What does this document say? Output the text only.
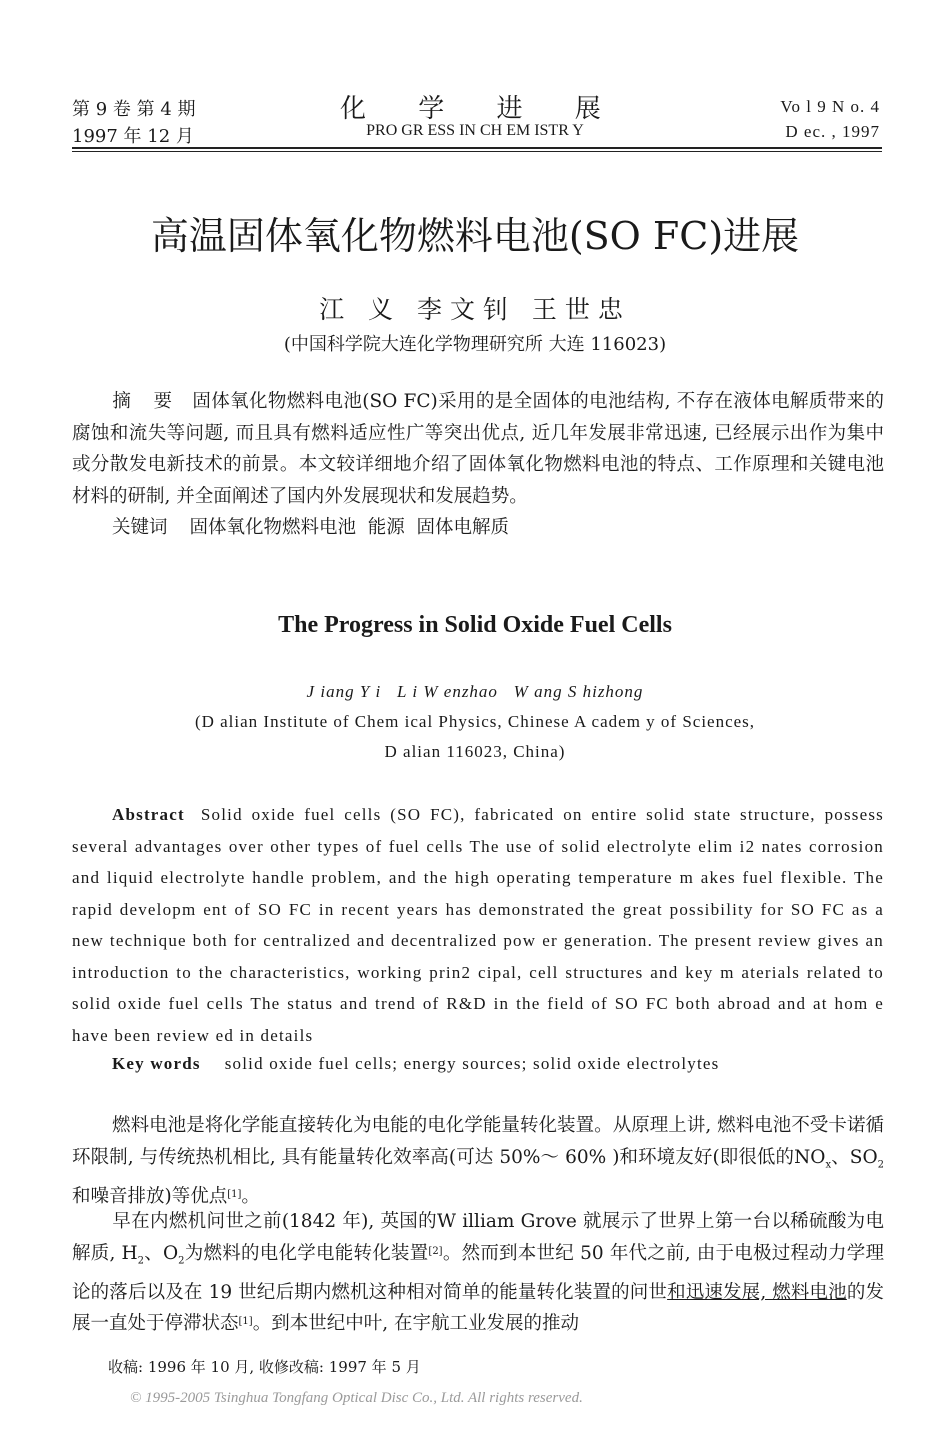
第 9 卷 第 4 期
1997 年 12 月
化 学 进 展
PRO GR ESS IN CH EM ISTR Y
Vo l 9 N o. 4
D ec. , 1997
高温固体氧化物燃料电池(SO FC)进展
江 义 李文钊 王世忠
(中国科学院大连化学物理研究所 大连 116023)
摘 要 固体氧化物燃料电池(SO FC)采用的是全固体的电池结构, 不存在液体电解质带来的腐蚀和流失等问题, 而且具有燃料适应性广等突出优点, 近几年发展非常迅速, 已经展示出作为集中或分散发电新技术的前景。本文较详细地介绍了固体氧化物燃料电池的特点、工作原理和关键电池材料的研制, 并全面阐述了国内外发展现状和发展趋势。
关键词 固体氧化物燃料电池  能源  固体电解质
The Progress in Solid Oxide Fuel Cells
J iang Y i   L i W enzhao   W ang S hizhong
(D alian Institute of Chem ical Physics, Chinese A cadem y of Sciences,
D alian 116023, China)
Abstract Solid oxide fuel cells (SO FC), fabricated on entire solid state structure, possess several advantages over other types of fuel cells The use of solid electrolyte elim i2 nates corrosion and liquid electrolyte handle problem, and the high operating temperature m akes fuel flexible. The rapid developm ent of SO FC in recent years has demonstrated the great possibility for SO FC as a new technique both for centralized and decentralized pow er generation. The present review gives an introduction to the characteristics, working prin2 cipal, cell structures and key m aterials related to solid oxide fuel cells The status and trend of R&D in the field of SO FC both abroad and at hom e have been review ed in details
Key words solid oxide fuel cells; energy sources; solid oxide electrolytes
燃料电池是将化学能直接转化为电能的电化学能量转化装置。从原理上讲, 燃料电池不受卡诺循环限制, 与传统热机相比, 具有能量转化效率高(可达 50%～ 60% )和环境友好(即很低的$NO_x$、$SO_2$和噪音排放)等优点[1]。
早在内燃机问世之前(1842 年), 英国的W illiam Grove 就展示了世界上第一台以稀硫酸为电解质, $H_2$、$O_2$为燃料的电化学电能转化装置[2]。然而到本世纪 50 年代之前, 由于电极过程动力学理论的落后以及在 19 世纪后期内燃机这种相对简单的能量转化装置的问世和迅速发展, 燃料电池的发展一直处于停滞状态[1]。到本世纪中叶, 在宇航工业发展的推动
收稿: 1996 年 10 月, 收修改稿: 1997 年 5 月
© 1995-2005 Tsinghua Tongfang Optical Disc Co., Ltd. All rights reserved.
